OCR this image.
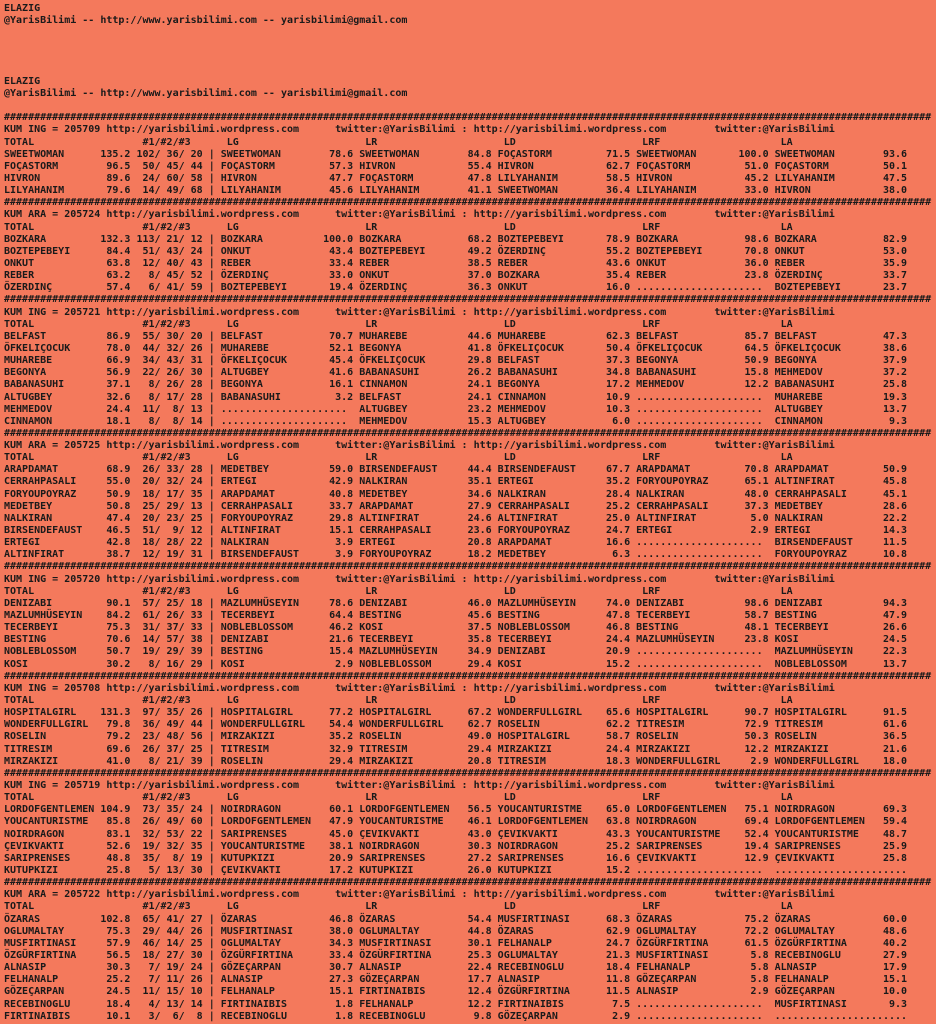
ELAZIG
@YarisBilimi -- http://www.yarisbilimi.com -- yarisbilimi@gmail.com

ELAZIG
@YarisBilimi -- http://www.yarisbilimi.com -- yarisbilimi@gmail.com

##########################################################################################################################################################
KUM ING = 205709 http://yarisbilimi.wordpress.com      twitter:@YarisBilimi : http://yarisbilimi.wordpress.com        twitter:@YarisBilimi
TOTAL                  #1/#2/#3      LG                     LR                     LD                     LRF                    LA
SWEETWOMAN      135.2 102/ 36/ 20 | SWEETWOMAN        78.6 SWEETWOMAN        84.8 FOÇASTORM         71.5 SWEETWOMAN       100.0 SWEETWOMAN        93.6
FOÇASTORM        96.5  50/ 45/ 44 | FOÇASTORM         57.3 HIVRON            55.4 HIVRON            62.7 FOÇASTORM         51.0 FOÇASTORM         50.1
HIVRON           89.6  24/ 60/ 58 | HIVRON            47.7 FOÇASTORM         47.8 LILYAHANIM        58.5 HIVRON            45.2 LILYAHANIM        47.5
LILYAHANIM       79.6  14/ 49/ 68 | LILYAHANIM        45.6 LILYAHANIM        41.1 SWEETWOMAN        36.4 LILYAHANIM        33.0 HIVRON            38.0
##########################################################################################################################################################
KUM ARA = 205724 http://yarisbilimi.wordpress.com      twitter:@YarisBilimi : http://yarisbilimi.wordpress.com        twitter:@YarisBilimi
TOTAL                  #1/#2/#3      LG                     LR                     LD                     LRF                    LA
BOZKARA         132.3 113/ 21/ 12 | BOZKARA          100.0 BOZKARA           68.2 BOZTEPEBEYI       78.9 BOZKARA           98.6 BOZKARA           82.9
BOZTEPEBEYI      84.4  51/ 43/ 24 | ONKUT             43.4 BOZTEPEBEYI       49.2 ÖZERDINÇ          55.2 BOZTEPEBEYI       70.8 ONKUT             53.0
ONKUT            63.8  12/ 40/ 43 | REBER             33.4 REBER             38.5 REBER             43.6 ONKUT             36.0 REBER             35.9
REBER            63.2   8/ 45/ 52 | ÖZERDINÇ          33.0 ONKUT             37.0 BOZKARA           35.4 REBER             23.8 ÖZERDINÇ          33.7
ÖZERDINÇ         57.4   6/ 41/ 59 | BOZTEPEBEYI       19.4 ÖZERDINÇ          36.3 ONKUT             16.0 .....................  BOZTEPEBEYI       23.7
##########################################################################################################################################################
KUM ING = 205721 http://yarisbilimi.wordpress.com      twitter:@YarisBilimi : http://yarisbilimi.wordpress.com        twitter:@YarisBilimi
TOTAL                  #1/#2/#3      LG                     LR                     LD                     LRF                    LA
BELFAST          86.9  55/ 30/ 20 | BELFAST           70.7 MUHAREBE          44.6 MUHAREBE          62.3 BELFAST           85.7 BELFAST           47.3
ÖFKELIÇOCUK      78.0  44/ 32/ 26 | MUHAREBE          52.1 BEGONYA           41.8 ÖFKELIÇOCUK       50.4 ÖFKELIÇOCUK       64.5 ÖFKELIÇOCUK       38.6
MUHAREBE         66.9  34/ 43/ 31 | ÖFKELIÇOCUK       45.4 ÖFKELIÇOCUK       29.8 BELFAST           37.3 BEGONYA           50.9 BEGONYA           37.9
BEGONYA          56.9  22/ 26/ 30 | ALTUGBEY          41.6 BABANASUHI        26.2 BABANASUHI        34.8 BABANASUHI        15.8 MEHMEDOV          37.2
BABANASUHI       37.1   8/ 26/ 28 | BEGONYA           16.1 CINNAMON          24.1 BEGONYA           17.2 MEHMEDOV          12.2 BABANASUHI        25.8
ALTUGBEY         32.6   8/ 17/ 28 | BABANASUHI         3.2 BELFAST           24.1 CINNAMON          10.9 .....................  MUHAREBE          19.3
MEHMEDOV         24.4  11/  8/ 13 | .....................  ALTUGBEY          23.2 MEHMEDOV          10.3 .....................  ALTUGBEY          13.7
CINNAMON         18.1   8/  8/ 14 | .....................  MEHMEDOV          15.3 ALTUGBEY           6.0 .....................  CINNAMON           9.3
##########################################################################################################################################################
KUM ARA = 205725 http://yarisbilimi.wordpress.com      twitter:@YarisBilimi : http://yarisbilimi.wordpress.com        twitter:@YarisBilimi
TOTAL                  #1/#2/#3      LG                     LR                     LD                     LRF                    LA
ARAPDAMAT        68.9  26/ 33/ 28 | MEDETBEY          59.0 BIRSENDEFAUST     44.4 BIRSENDEFAUST     67.7 ARAPDAMAT         70.8 ARAPDAMAT         50.9
CERRAHPASALI     55.0  20/ 32/ 24 | ERTEGI            42.9 NALKIRAN          35.1 ERTEGI            35.2 FORYOUPOYRAZ      65.1 ALTINFIRAT        45.8
FORYOUPOYRAZ     50.9  18/ 17/ 35 | ARAPDAMAT         40.8 MEDETBEY          34.6 NALKIRAN          28.4 NALKIRAN          48.0 CERRAHPASALI      45.1
MEDETBEY         50.8  25/ 29/ 13 | CERRAHPASALI      33.7 ARAPDAMAT         27.9 CERRAHPASALI      25.2 CERRAHPASALI      37.3 MEDETBEY          28.6
NALKIRAN         47.4  20/ 23/ 25 | FORYOUPOYRAZ      29.8 ALTINFIRAT        24.6 ALTINFIRAT        25.0 ALTINFIRAT         5.0 NALKIRAN          22.2
BIRSENDEFAUST    46.5  51/  9/ 12 | ALTINFIRAT        15.1 CERRAHPASALI      23.6 FORYOUPOYRAZ      24.7 ERTEGI             2.9 ERTEGI            14.3
ERTEGI           42.8  18/ 28/ 22 | NALKIRAN           3.9 ERTEGI            20.8 ARAPDAMAT         16.6 .....................  BIRSENDEFAUST     11.5
ALTINFIRAT       38.7  12/ 19/ 31 | BIRSENDEFAUST      3.9 FORYOUPOYRAZ      18.2 MEDETBEY           6.3 .....................  FORYOUPOYRAZ      10.8
##########################################################################################################################################################
KUM ING = 205720 http://yarisbilimi.wordpress.com      twitter:@YarisBilimi : http://yarisbilimi.wordpress.com        twitter:@YarisBilimi
TOTAL                  #1/#2/#3      LG                     LR                     LD                     LRF                    LA
DENIZABI         90.1  57/ 25/ 18 | MAZLUMHÜSEYIN     78.6 DENIZABI          46.0 MAZLUMHÜSEYIN     74.0 DENIZABI          98.6 DENIZABI          94.3
MAZLUMHÜSEYIN    84.2  61/ 26/ 33 | TECERBEYI         64.4 BESTING           45.6 BESTING           47.8 TECERBEYI         58.7 BESTING           47.9
TECERBEYI        75.3  31/ 37/ 33 | NOBLEBLOSSOM      46.2 KOSI              37.5 NOBLEBLOSSOM      46.8 BESTING           48.1 TECERBEYI         26.6
BESTING          70.6  14/ 57/ 38 | DENIZABI          21.6 TECERBEYI         35.8 TECERBEYI         24.4 MAZLUMHÜSEYIN     23.8 KOSI              24.5
NOBLEBLOSSOM     50.7  19/ 29/ 39 | BESTING           15.4 MAZLUMHÜSEYIN     34.9 DENIZABI          20.9 .....................  MAZLUMHÜSEYIN     22.3
KOSI             30.2   8/ 16/ 29 | KOSI               2.9 NOBLEBLOSSOM      29.4 KOSI              15.2 .....................  NOBLEBLOSSOM      13.7
##########################################################################################################################################################
KUM ING = 205708 http://yarisbilimi.wordpress.com      twitter:@YarisBilimi : http://yarisbilimi.wordpress.com        twitter:@YarisBilimi
TOTAL                  #1/#2/#3      LG                     LR                     LD                     LRF                    LA
HOSPITALGIRL    131.3  97/ 35/ 26 | HOSPITALGIRL      77.2 HOSPITALGIRL      67.2 WONDERFULLGIRL    65.6 HOSPITALGIRL      90.7 HOSPITALGIRL      91.5
WONDERFULLGIRL   79.8  36/ 49/ 44 | WONDERFULLGIRL    54.4 WONDERFULLGIRL    62.7 ROSELIN           62.2 TITRESIM          72.9 TITRESIM          61.6
ROSELIN          79.2  23/ 48/ 56 | MIRZAKIZI         35.2 ROSELIN           49.0 HOSPITALGIRL      58.7 ROSELIN           50.3 ROSELIN           36.5
TITRESIM         69.6  26/ 37/ 25 | TITRESIM          32.9 TITRESIM          29.4 MIRZAKIZI         24.4 MIRZAKIZI         12.2 MIRZAKIZI         21.6
MIRZAKIZI        41.0   8/ 21/ 39 | ROSELIN           29.4 MIRZAKIZI         20.8 TITRESIM          18.3 WONDERFULLGIRL     2.9 WONDERFULLGIRL    18.0
##########################################################################################################################################################
KUM ING = 205719 http://yarisbilimi.wordpress.com      twitter:@YarisBilimi : http://yarisbilimi.wordpress.com        twitter:@YarisBilimi
TOTAL                  #1/#2/#3      LG                     LR                     LD                     LRF                    LA
LORDOFGENTLEMEN 104.9  73/ 35/ 24 | NOIRDRAGON        60.1 LORDOFGENTLEMEN   56.5 YOUCANTURISTME    65.0 LORDOFGENTLEMEN   75.1 NOIRDRAGON        69.3
YOUCANTURISTME   85.8  26/ 49/ 60 | LORDOFGENTLEMEN   47.9 YOUCANTURISTME    46.1 LORDOFGENTLEMEN   63.8 NOIRDRAGON        69.4 LORDOFGENTLEMEN   59.4
NOIRDRAGON       83.1  32/ 53/ 22 | SARIPRENSES       45.0 ÇEVIKVAKTI        43.0 ÇEVIKVAKTI        43.3 YOUCANTURISTME    52.4 YOUCANTURISTME    48.7
ÇEVIKVAKTI       52.6  19/ 32/ 35 | YOUCANTURISTME    38.1 NOIRDRAGON        30.3 NOIRDRAGON        25.2 SARIPRENSES       19.4 SARIPRENSES       25.9
SARIPRENSES      48.8  35/  8/ 19 | KUTUPKIZI         20.9 SARIPRENSES       27.2 SARIPRENSES       16.6 ÇEVIKVAKTI        12.9 ÇEVIKVAKTI        25.8
KUTUPKIZI        25.8   5/ 13/ 30 | ÇEVIKVAKTI        17.2 KUTUPKIZI         26.0 KUTUPKIZI         15.2 .....................  ......................
##########################################################################################################################################################
KUM ARA = 205722 http://yarisbilimi.wordpress.com      twitter:@YarisBilimi : http://yarisbilimi.wordpress.com        twitter:@YarisBilimi
TOTAL                  #1/#2/#3      LG                     LR                     LD                     LRF                    LA
ÖZARAS          102.8  65/ 41/ 27 | ÖZARAS            46.8 ÖZARAS            54.4 MUSFIRTINASI      68.3 ÖZARAS            75.2 ÖZARAS            60.0
OGLUMALTAY       75.3  29/ 44/ 26 | MUSFIRTINASI      38.0 OGLUMALTAY        44.8 ÖZARAS            62.9 OGLUMALTAY        72.2 OGLUMALTAY        48.6
MUSFIRTINASI     57.9  46/ 14/ 25 | OGLUMALTAY        34.3 MUSFIRTINASI      30.1 FELHANALP         24.7 ÖZGÜRFIRTINA      61.5 ÖZGÜRFIRTINA      40.2
ÖZGÜRFIRTINA     56.5  18/ 27/ 30 | ÖZGÜRFIRTINA      33.4 ÖZGÜRFIRTINA      25.3 OGLUMALTAY        21.3 MUSFIRTINASI       5.8 RECEBINOGLU       27.9
ALNASIP          30.3   7/ 19/ 24 | GÖZEÇARPAN        30.7 ALNASIP           22.4 RECEBINOGLU       18.4 FELHANALP          5.8 ALNASIP           17.9
FELHANALP        25.2   7/ 11/ 26 | ALNASIP           27.3 GÖZEÇARPAN        17.7 ALNASIP           11.8 GÖZEÇARPAN         5.8 FELHANALP         15.1
GÖZEÇARPAN       24.5  11/ 15/ 10 | FELHANALP         15.1 FIRTINAIBIS       12.4 ÖZGÜRFIRTINA      11.5 ALNASIP            2.9 GÖZEÇARPAN        10.0
RECEBINOGLU      18.4   4/ 13/ 14 | FIRTINAIBIS        1.8 FELHANALP         12.2 FIRTINAIBIS        7.5 .....................  MUSFIRTINASI       9.3
FIRTINAIBIS      10.1   3/  6/  8 | RECEBINOGLU        1.8 RECEBINOGLU        9.8 GÖZEÇARPAN         2.9 .....................  ......................
